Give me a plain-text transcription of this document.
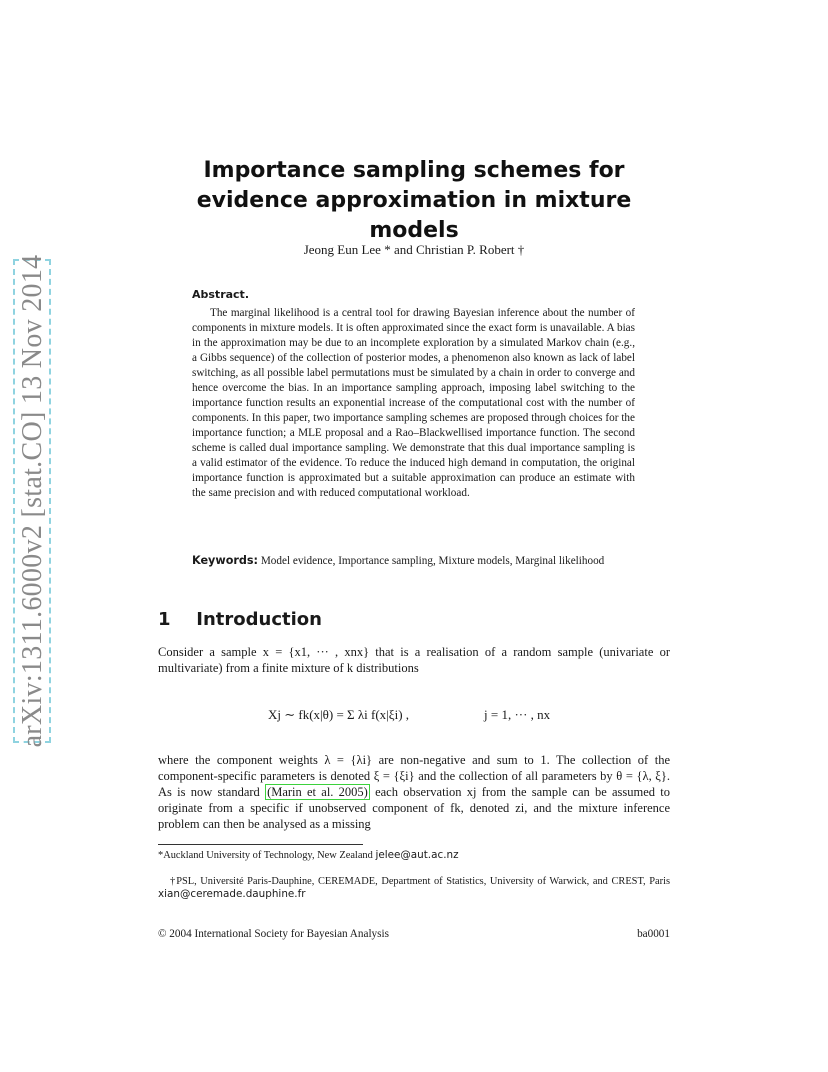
arXiv:1311.6000v2 [stat.CO] 13 Nov 2014
Importance sampling schemes for evidence approximation in mixture models
Jeong Eun Lee * and Christian P. Robert †
Abstract.
The marginal likelihood is a central tool for drawing Bayesian inference about the number of components in mixture models. It is often approximated since the exact form is unavailable. A bias in the approximation may be due to an incomplete exploration by a simulated Markov chain (e.g., a Gibbs sequence) of the collection of posterior modes, a phenomenon also known as lack of label switching, as all possible label permutations must be simulated by a chain in order to converge and hence overcome the bias. In an importance sampling approach, imposing label switching to the importance function results an exponential increase of the computational cost with the number of components. In this paper, two importance sampling schemes are proposed through choices for the importance function; a MLE proposal and a Rao–Blackwellised importance function. The second scheme is called dual importance sampling. We demonstrate that this dual importance sampling is a valid estimator of the evidence. To reduce the induced high demand in computation, the original importance function is approximated but a suitable approximation can produce an estimate with the same precision and with reduced computational workload.
Keywords: Model evidence, Importance sampling, Mixture models, Marginal likelihood
1 Introduction
Consider a sample x = {x1, ··· , xnx} that is a realisation of a random sample (univariate or multivariate) from a finite mixture of k distributions
Xj ∼ fk(x|θ) = Σ λi f(x|ξi) ,	j = 1, ··· , nx
where the component weights λ = {λi} are non-negative and sum to 1. The collection of the component-specific parameters is denoted ξ = {ξi} and the collection of all parameters by θ = {λ, ξ}. As is now standard (Marin et al. 2005) each observation xj from the sample can be assumed to originate from a specific if unobserved component of fk, denoted zi, and the mixture inference problem can then be analysed as a missing
*Auckland University of Technology, New Zealand jelee@aut.ac.nz
†PSL, Université Paris-Dauphine, CEREMADE, Department of Statistics, University of Warwick, and CREST, Paris xian@ceremade.dauphine.fr
© 2004 International Society for Bayesian Analysis	ba0001
